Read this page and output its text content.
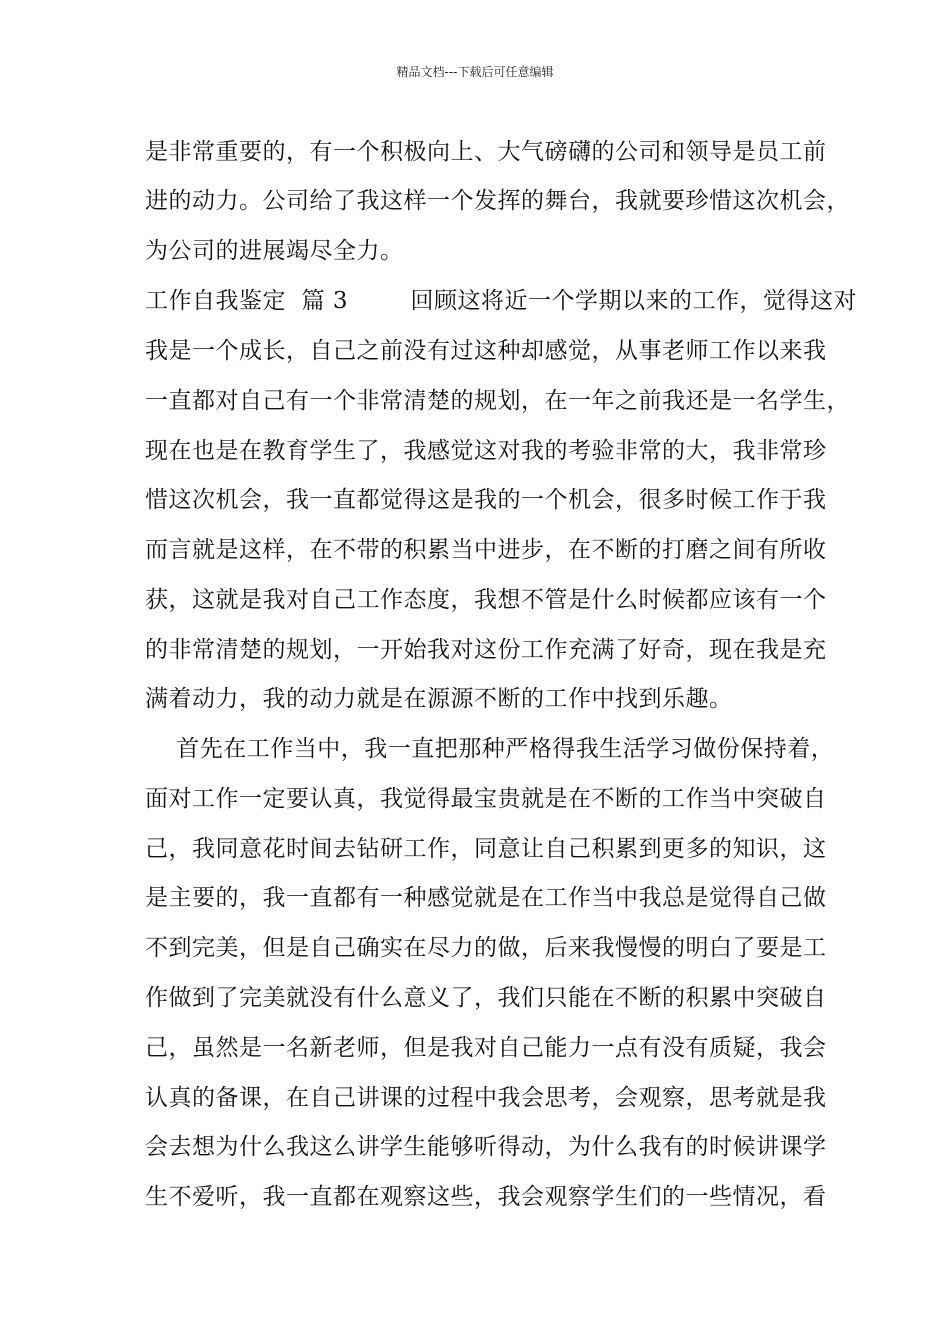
精品文档---下载后可任意编辑
是非常重要的，有一个积极向上、大气磅礴的公司和领导是员工前
进的动力。公司给了我这样一个发挥的舞台，我就要珍惜这次机会，
为公司的进展竭尽全力。
工作自我鉴定  篇 3        回顾这将近一个学期以来的工作，觉得这对
我是一个成长，自己之前没有过这种却感觉，从事老师工作以来我
一直都对自己有一个非常清楚的规划，在一年之前我还是一名学生，
现在也是在教育学生了，我感觉这对我的考验非常的大，我非常珍
惜这次机会，我一直都觉得这是我的一个机会，很多时候工作于我
而言就是这样，在不带的积累当中进步，在不断的打磨之间有所收
获，这就是我对自己工作态度，我想不管是什么时候都应该有一个
的非常清楚的规划，一开始我对这份工作充满了好奇，现在我是充
满着动力，我的动力就是在源源不断的工作中找到乐趣。
首先在工作当中，我一直把那种严格得我生活学习做份保持着，
面对工作一定要认真，我觉得最宝贵就是在不断的工作当中突破自
己，我同意花时间去钻研工作，同意让自己积累到更多的知识，这
是主要的，我一直都有一种感觉就是在工作当中我总是觉得自己做
不到完美，但是自己确实在尽力的做，后来我慢慢的明白了要是工
作做到了完美就没有什么意义了，我们只能在不断的积累中突破自
己，虽然是一名新老师，但是我对自己能力一点有没有质疑，我会
认真的备课，在自己讲课的过程中我会思考，会观察，思考就是我
会去想为什么我这么讲学生能够听得动，为什么我有的时候讲课学
生不爱听，我一直都在观察这些，我会观察学生们的一些情况，看
